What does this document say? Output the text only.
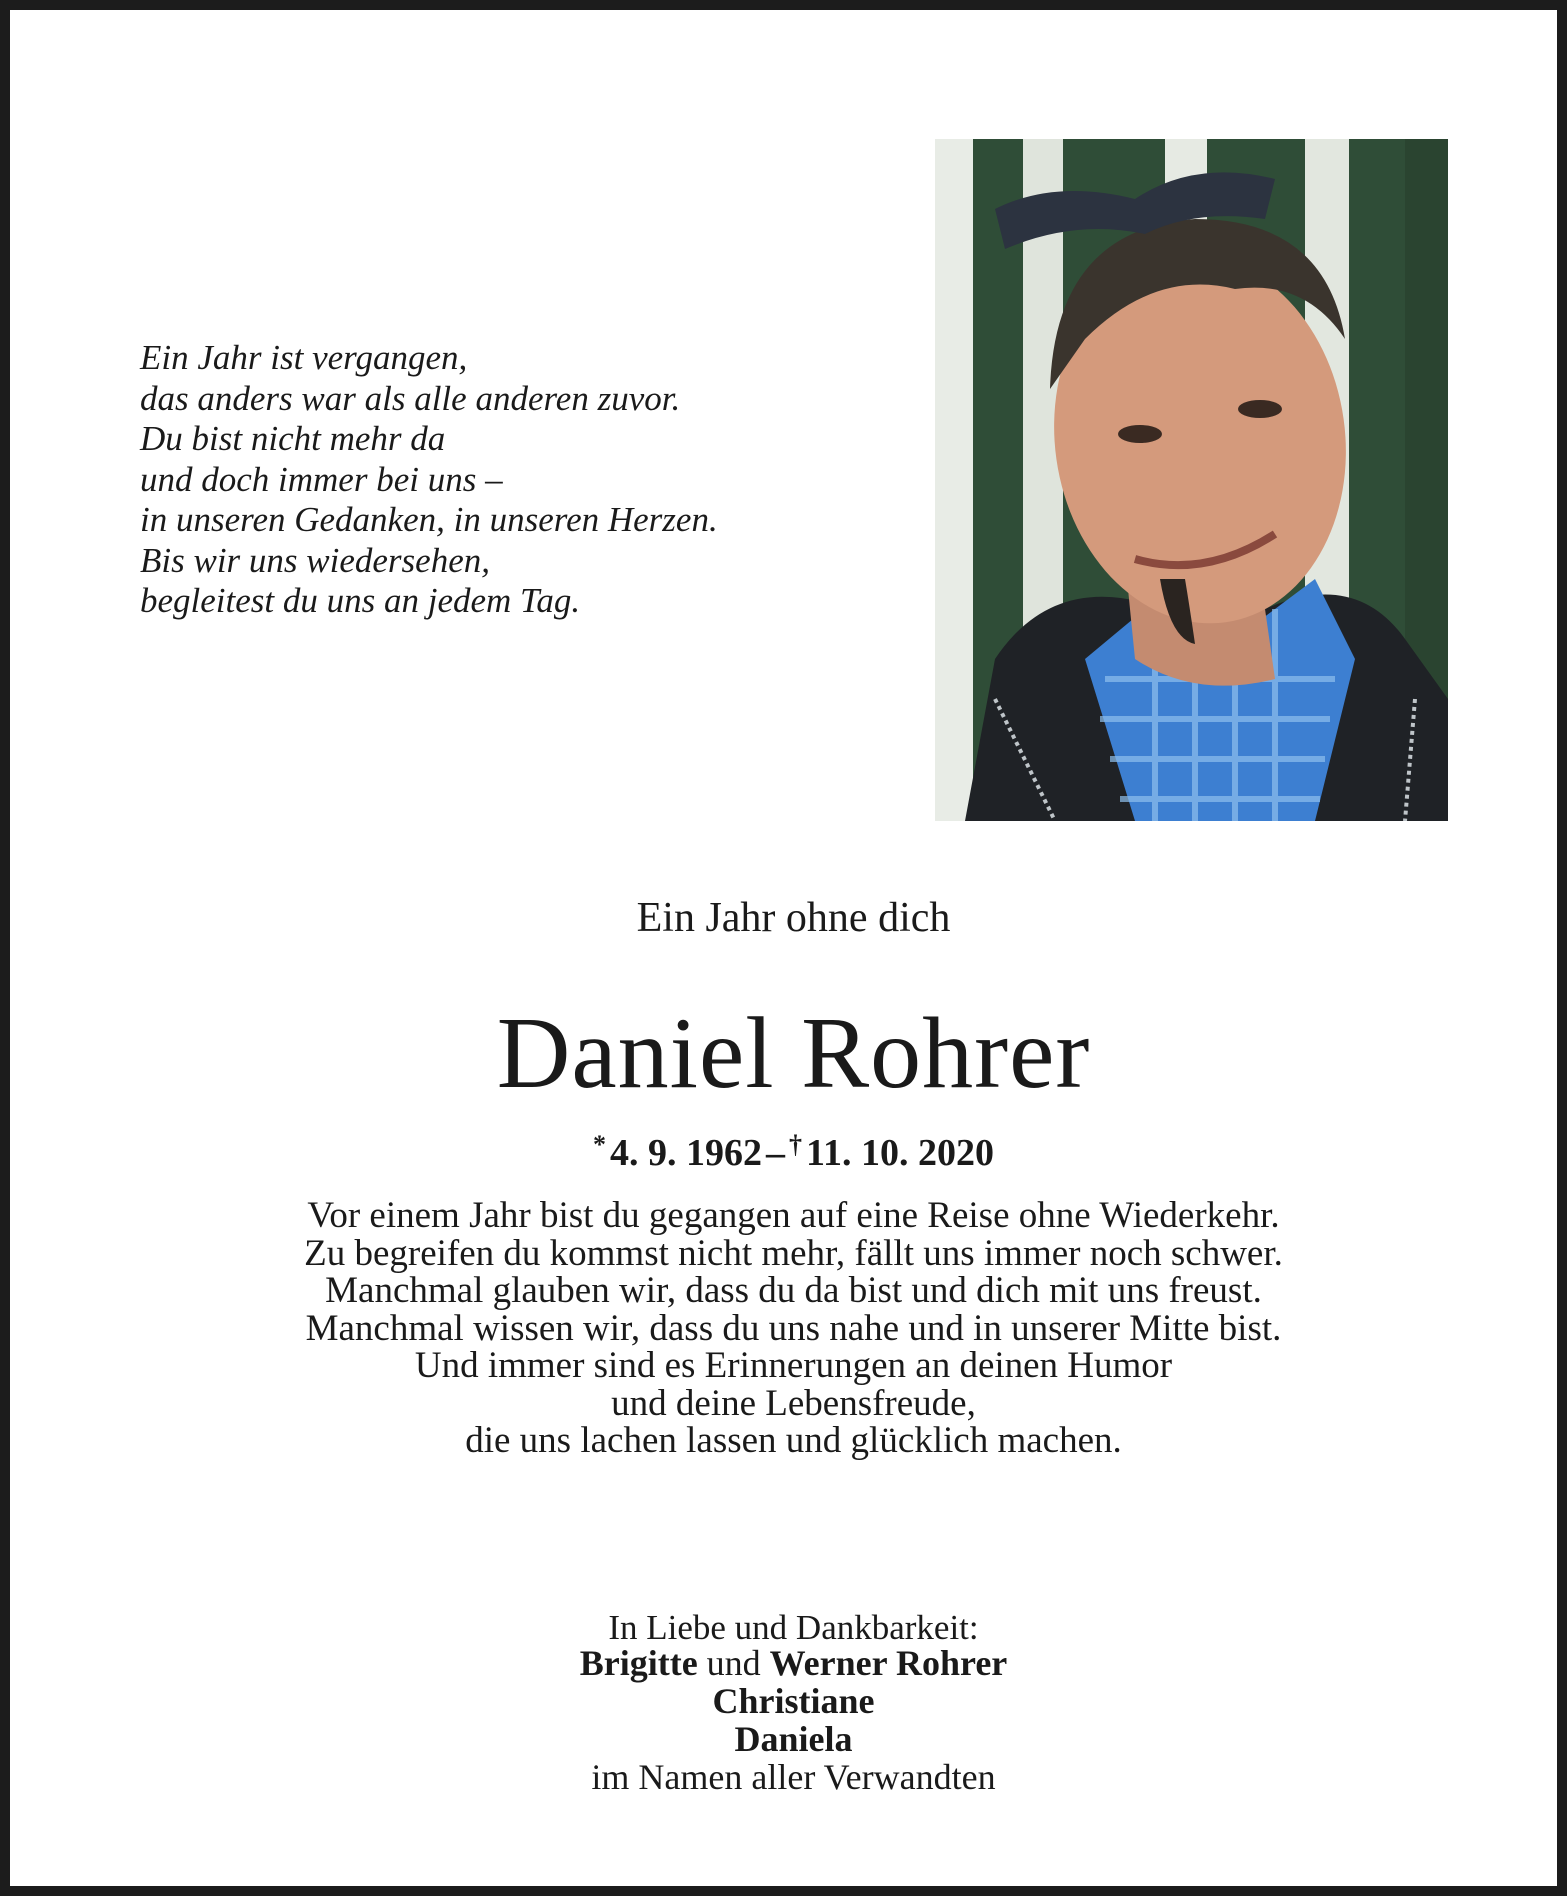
Ein Jahr ist vergangen,
das anders war als alle anderen zuvor.
Du bist nicht mehr da
und doch immer bei uns –
in unseren Gedanken, in unseren Herzen.
Bis wir uns wiedersehen,
begleitest du uns an jedem Tag.
Ein Jahr ohne dich
Daniel Rohrer
* 4. 9. 1962 – † 11. 10. 2020
Vor einem Jahr bist du gegangen auf eine Reise ohne Wiederkehr.
Zu begreifen du kommst nicht mehr, fällt uns immer noch schwer.
Manchmal glauben wir, dass du da bist und dich mit uns freust.
Manchmal wissen wir, dass du uns nahe und in unserer Mitte bist.
Und immer sind es Erinnerungen an deinen Humor
und deine Lebensfreude,
die uns lachen lassen und glücklich machen.
In Liebe und Dankbarkeit:
Brigitte und Werner Rohrer
Christiane
Daniela
im Namen aller Verwandten
